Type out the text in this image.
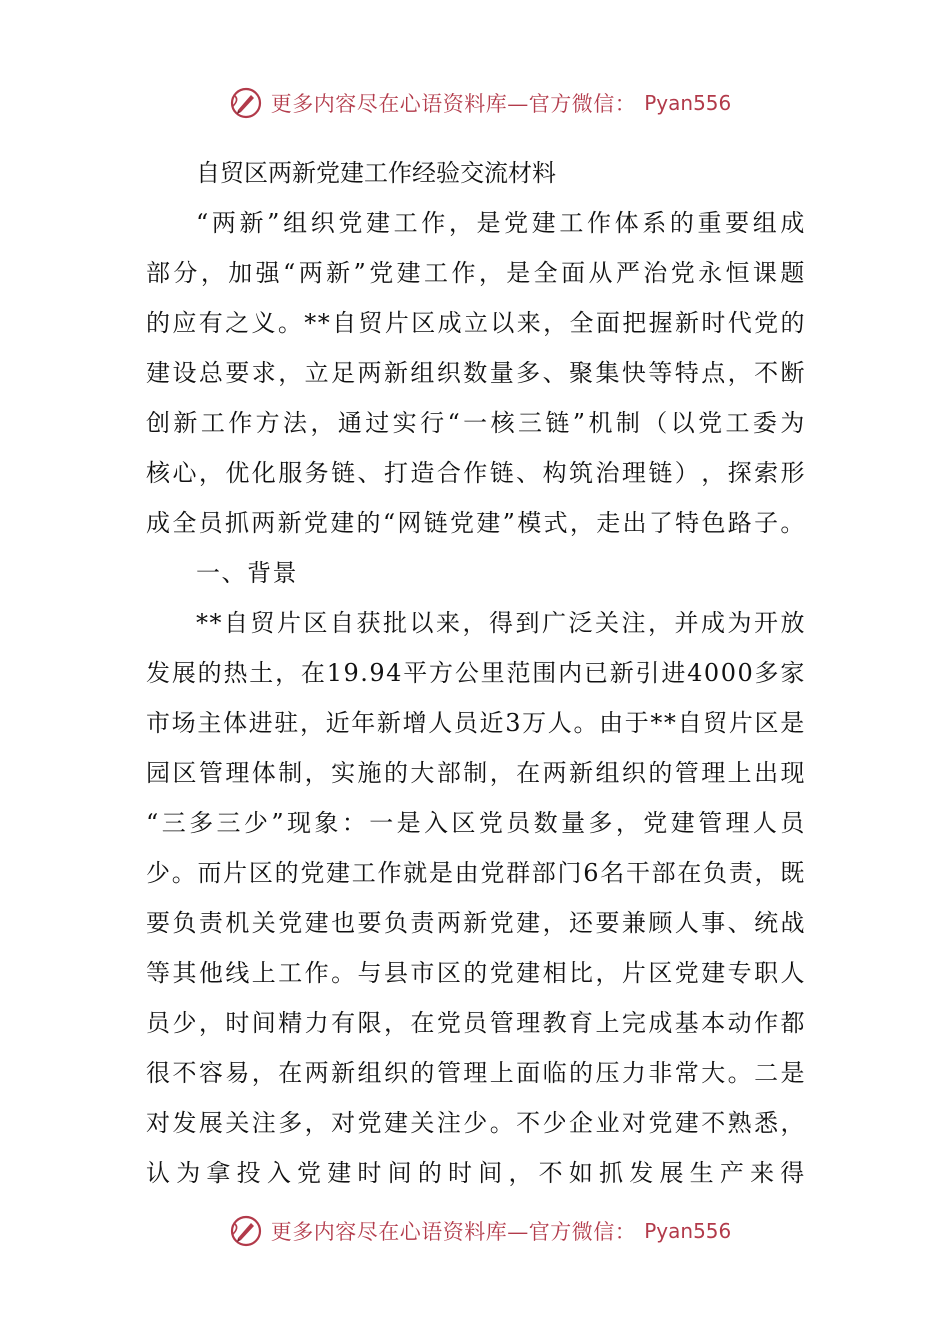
更多内容尽在心语资料库—官方微信： Pyan556
自贸区两新党建工作经验交流材料
“ 两 新 ” 组 织 党 建 工 作 ， 是 党 建 工 作 体 系 的 重 要 组 成
部 分 ， 加 强 “ 两 新 ” 党 建 工 作 ， 是 全 面 从 严 治 党 永 恒 课 题
的 应 有 之 义 。 ** 自 贸 片 区 成 立 以 来 ， 全 面 把 握 新 时 代 党 的
建 设 总 要 求 ， 立 足 两 新 组 织 数 量 多 、 聚 集 快 等 特 点 ， 不 断
创 新 工 作 方 法 ， 通 过 实 行 “ 一 核 三 链 ” 机 制 （ 以 党 工 委 为
核 心 ， 优 化 服 务 链 、 打 造 合 作 链 、 构 筑 治 理 链 ） ， 探 索 形
成 全 员 抓 两 新 党 建 的 “ 网 链 党 建 ” 模 式 ， 走 出 了 特 色 路 子 。
一、背景
** 自 贸 片 区 自 获 批 以 来 ， 得 到 广 泛 关 注 ， 并 成 为 开 放
发 展 的 热 土 ， 在 19.94 平 方 公 里 范 围 内 已 新 引 进 4000 多 家
市 场 主 体 进 驻 ， 近 年 新 增 人 员 近 3 万 人 。 由 于 ** 自 贸 片 区 是
园 区 管 理 体 制 ， 实 施 的 大 部 制 ， 在 两 新 组 织 的 管 理 上 出 现
“ 三 多 三 少 ” 现 象 ： 一 是 入 区 党 员 数 量 多 ， 党 建 管 理 人 员
少 。 而 片 区 的 党 建 工 作 就 是 由 党 群 部 门 6 名 干 部 在 负 责 ， 既
要 负 责 机 关 党 建 也 要 负 责 两 新 党 建 ， 还 要 兼 顾 人 事 、 统 战
等 其 他 线 上 工 作 。 与 县 市 区 的 党 建 相 比 ， 片 区 党 建 专 职 人
员 少 ， 时 间 精 力 有 限 ， 在 党 员 管 理 教 育 上 完 成 基 本 动 作 都
很 不 容 易 ， 在 两 新 组 织 的 管 理 上 面 临 的 压 力 非 常 大 。 二 是
对 发 展 关 注 多 ， 对 党 建 关 注 少 。 不 少 企 业 对 党 建 不 熟 悉 ，
认 为 拿 投 入 党 建 时 间 的 时 间 ， 不 如 抓 发 展 生 产 来 得
更多内容尽在心语资料库—官方微信： Pyan556
